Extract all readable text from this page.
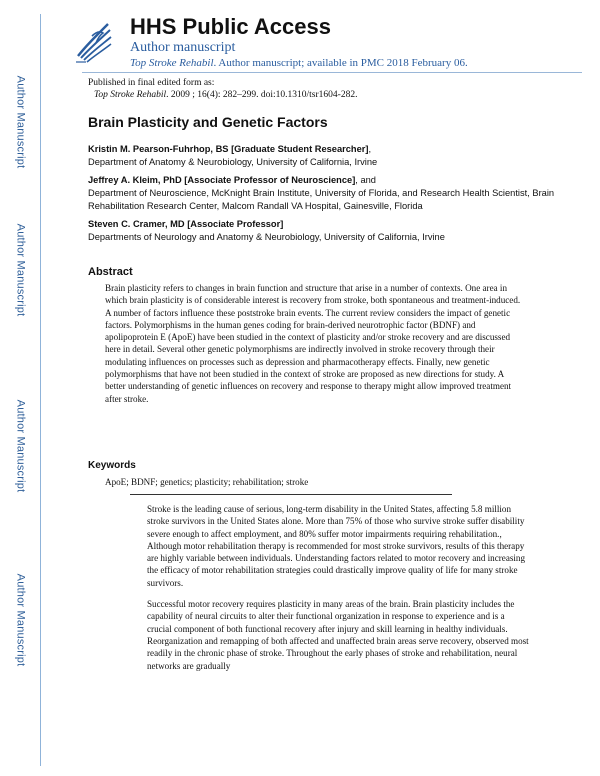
Author Manuscript
Author Manuscript
Author Manuscript
Author Manuscript
HHS Public Access
Author manuscript
Top Stroke Rehabil. Author manuscript; available in PMC 2018 February 06.
Published in final edited form as:
Top Stroke Rehabil. 2009 ; 16(4): 282–299. doi:10.1310/tsr1604-282.
Brain Plasticity and Genetic Factors

Kristin M. Pearson-Fuhrhop, BS [Graduate Student Researcher],
Department of Anatomy & Neurobiology, University of California, Irvine

Jeffrey A. Kleim, PhD [Associate Professor of Neuroscience], and
Department of Neuroscience, McKnight Brain Institute, University of Florida, and Research Health Scientist, Brain Rehabilitation Research Center, Malcom Randall VA Hospital, Gainesville, Florida

Steven C. Cramer, MD [Associate Professor]
Departments of Neurology and Anatomy & Neurobiology, University of California, Irvine

Abstract

Brain plasticity refers to changes in brain function and structure that arise in a number of contexts. One area in which brain plasticity is of considerable interest is recovery from stroke, both spontaneous and treatment-induced. A number of factors influence these poststroke brain events. The current review considers the impact of genetic factors. Polymorphisms in the human genes coding for brain-derived neurotrophic factor (BDNF) and apolipoprotein E (ApoE) have been studied in the context of plasticity and/or stroke recovery and are discussed here in detail. Several other genetic polymorphisms are indirectly involved in stroke recovery through their modulating influences on processes such as depression and pharmacotherapy effects. Finally, new genetic polymorphisms that have not been studied in the context of stroke are proposed as new directions for study. A better understanding of genetic influences on recovery and response to therapy might allow improved treatment after stroke.

Keywords

ApoE; BDNF; genetics; plasticity; rehabilitation; stroke

Stroke is the leading cause of serious, long-term disability in the United States, affecting 5.8 million stroke survivors in the United States alone. More than 75% of those who survive stroke suffer disability severe enough to affect employment, and 80% suffer motor impairments requiring rehabilitation., Although motor rehabilitation therapy is recommended for most stroke survivors, results of this therapy are highly variable between individuals. Understanding factors related to motor recovery and increasing the efficacy of motor rehabilitation strategies could drastically improve quality of life for many stroke survivors.

Successful motor recovery requires plasticity in many areas of the brain. Brain plasticity includes the capability of neural circuits to alter their functional organization in response to experience and is a crucial component of both functional recovery after injury and skill learning in healthy individuals. Reorganization and remapping of both affected and unaffected brain areas serve recovery, observed most readily in the chronic phase of stroke. Throughout the early phases of stroke and rehabilitation, neural networks are gradually
